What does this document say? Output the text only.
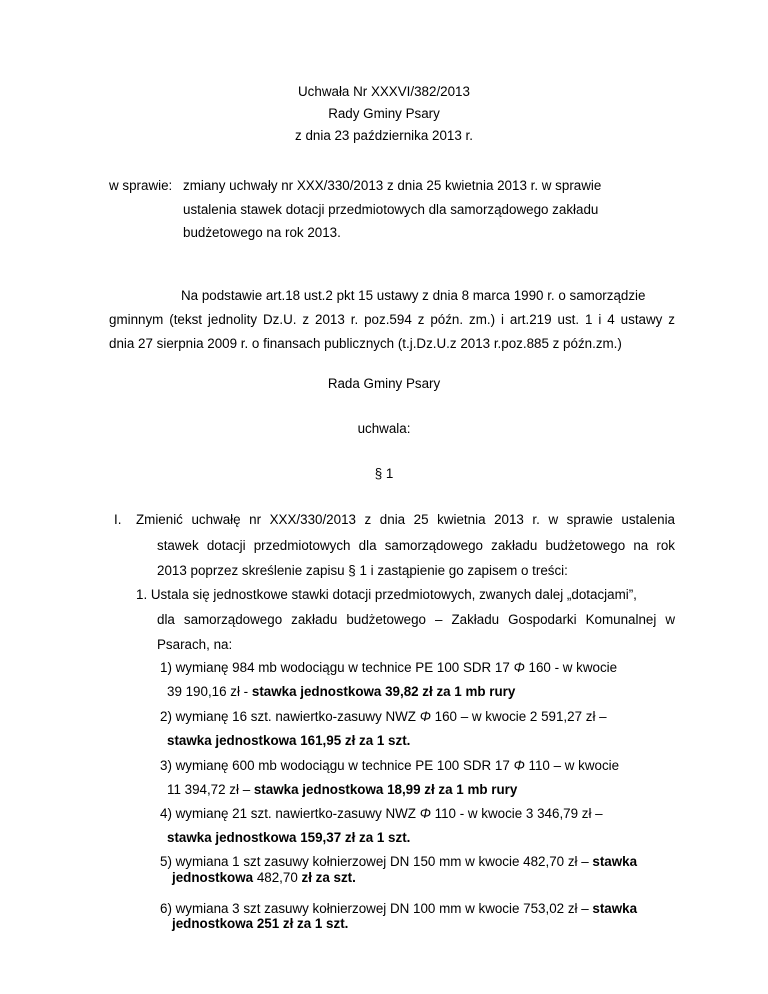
Uchwała Nr XXXVI/382/2013
Rady Gminy Psary
z dnia 23 października 2013 r.
w sprawie: zmiany uchwały nr XXX/330/2013 z dnia 25 kwietnia 2013 r. w sprawie
ustalenia stawek dotacji przedmiotowych dla samorządowego zakładu
budżetowego na rok 2013.
Na podstawie art.18 ust.2 pkt 15 ustawy z dnia 8 marca 1990 r. o samorządzie
gminnym (tekst jednolity Dz.U. z 2013 r. poz.594 z późn. zm.) i art.219 ust. 1 i 4 ustawy z
dnia 27 sierpnia 2009 r. o finansach publicznych (t.j.Dz.U.z 2013 r.poz.885 z późn.zm.)
Rada Gminy Psary
uchwala:
§ 1
I. Zmienić uchwałę nr XXX/330/2013 z dnia 25 kwietnia 2013 r. w sprawie ustalenia
stawek dotacji przedmiotowych dla samorządowego zakładu budżetowego na rok
2013 poprzez skreślenie zapisu § 1 i zastąpienie go zapisem o treści:
1. Ustala się jednostkowe stawki dotacji przedmiotowych, zwanych dalej „dotacjami”,
dla samorządowego zakładu budżetowego – Zakładu Gospodarki Komunalnej w
Psarach, na:
1) wymianę 984 mb wodociągu w technice PE 100 SDR 17 Φ 160 - w kwocie
39 190,16 zł - stawka jednostkowa 39,82 zł za 1 mb rury
2) wymianę 16 szt. nawiertko-zasuwy NWZ Φ 160 – w kwocie 2 591,27 zł –
stawka jednostkowa 161,95 zł za 1 szt.
3) wymianę 600 mb wodociągu w technice PE 100 SDR 17 Φ 110 – w kwocie
11 394,72 zł – stawka jednostkowa 18,99 zł za 1 mb rury
4) wymianę 21 szt. nawiertko-zasuwy NWZ Φ 110 - w kwocie 3 346,79 zł –
stawka jednostkowa 159,37 zł za 1 szt.
5) wymiana 1 szt zasuwy kołnierzowej DN 150 mm w kwocie 482,70 zł – stawka
jednostkowa 482,70 zł za szt.
6) wymiana 3 szt zasuwy kołnierzowej DN 100 mm w kwocie 753,02 zł – stawka
jednostkowa 251 zł za 1 szt.
